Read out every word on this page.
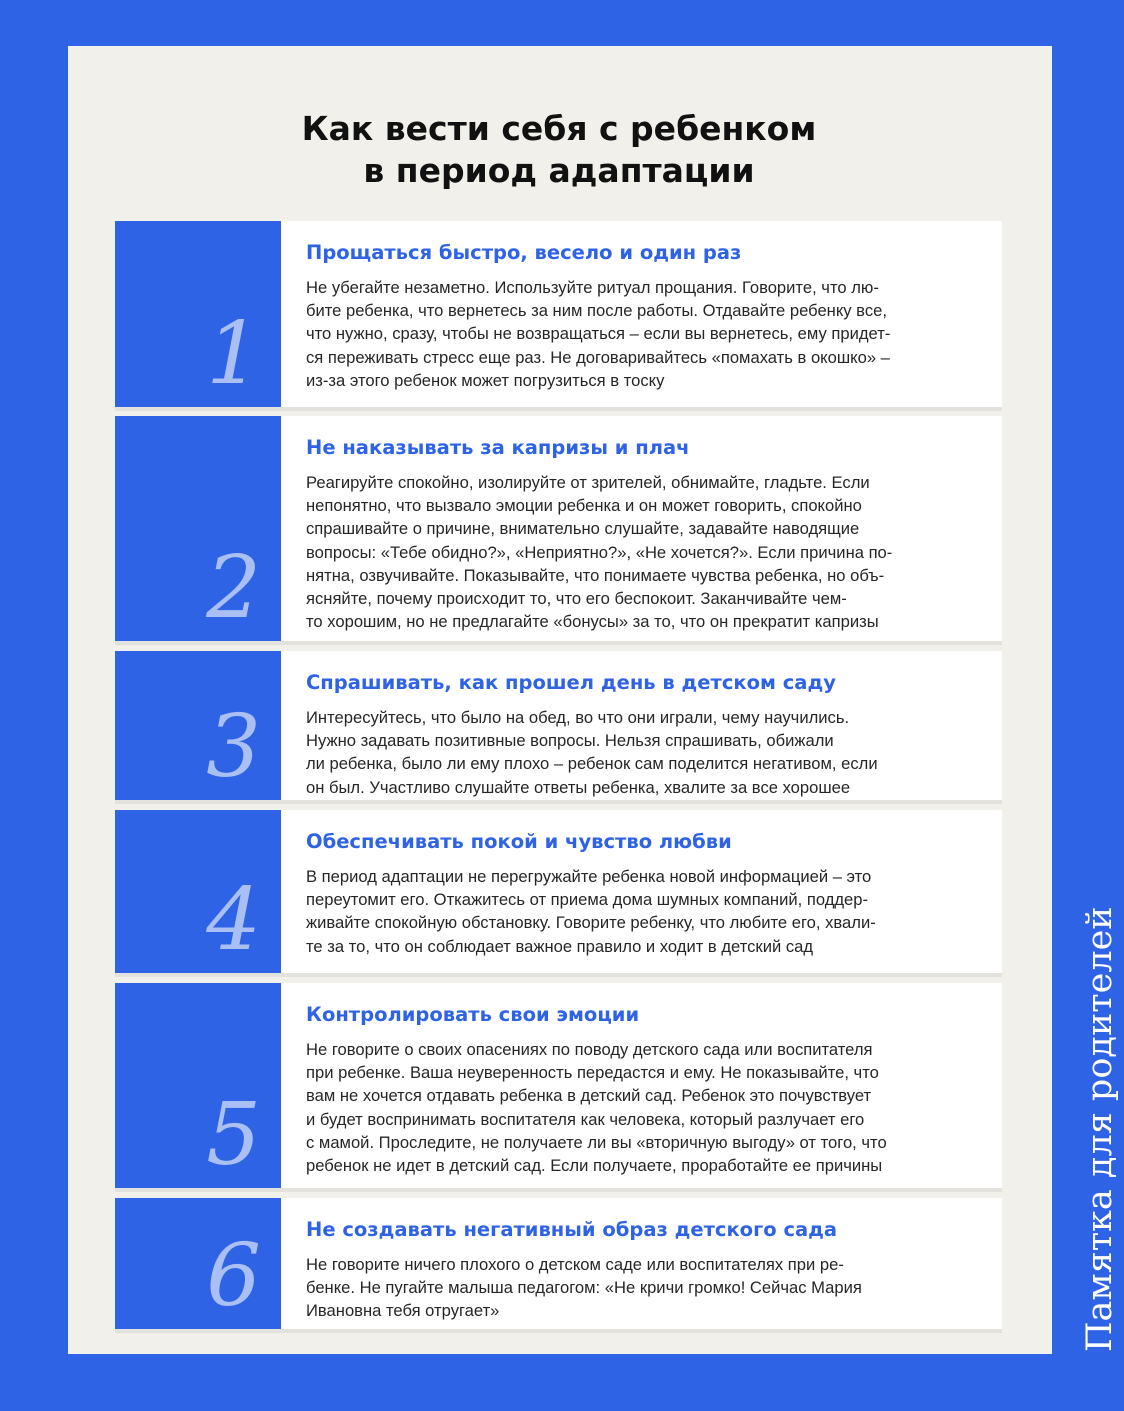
Как вести себя с ребенком
в период адаптации
1
Прощаться быстро, весело и один раз
Не убегайте незаметно. Используйте ритуал прощания. Говорите, что лю-
бите ребенка, что вернетесь за ним после работы. Отдавайте ребенку все,
что нужно, сразу, чтобы не возвращаться – если вы вернетесь, ему придет-
ся переживать стресс еще раз. Не договаривайтесь «помахать в окошко» –
из-за этого ребенок может погрузиться в тоску
2
Не наказывать за капризы и плач
Реагируйте спокойно, изолируйте от зрителей, обнимайте, гладьте. Если
непонятно, что вызвало эмоции ребенка и он может говорить, спокойно
спрашивайте о причине, внимательно слушайте, задавайте наводящие
вопросы: «Тебе обидно?», «Неприятно?», «Не хочется?». Если причина по-
нятна, озвучивайте. Показывайте, что понимаете чувства ребенка, но объ-
ясняйте, почему происходит то, что его беспокоит. Заканчивайте чем-
то хорошим, но не предлагайте «бонусы» за то, что он прекратит капризы
3
Спрашивать, как прошел день в детском саду
Интересуйтесь, что было на обед, во что они играли, чему научились.
Нужно задавать позитивные вопросы. Нельзя спрашивать, обижали
ли ребенка, было ли ему плохо – ребенок сам поделится негативом, если
он был. Участливо слушайте ответы ребенка, хвалите за все хорошее
4
Обеспечивать покой и чувство любви
В период адаптации не перегружайте ребенка новой информацией – это
переутомит его. Откажитесь от приема дома шумных компаний, поддер-
живайте спокойную обстановку. Говорите ребенку, что любите его, хвали-
те за то, что он соблюдает важное правило и ходит в детский сад
5
Контролировать свои эмоции
Не говорите о своих опасениях по поводу детского сада или воспитателя
при ребенке. Ваша неуверенность передастся и ему. Не показывайте, что
вам не хочется отдавать ребенка в детский сад. Ребенок это почувствует
и будет воспринимать воспитателя как человека, который разлучает его
с мамой. Проследите, не получаете ли вы «вторичную выгоду» от того, что
ребенок не идет в детский сад. Если получаете, проработайте ее причины
6 Не создавать негативный образ детского сада
Не говорите ничего плохого о детском саде или воспитателях при ре-
бенке. Не пугайте малыша педагогом: «Не кричи громко! Сейчас Мария
Ивановна тебя отругает»	Памятка для родителей
